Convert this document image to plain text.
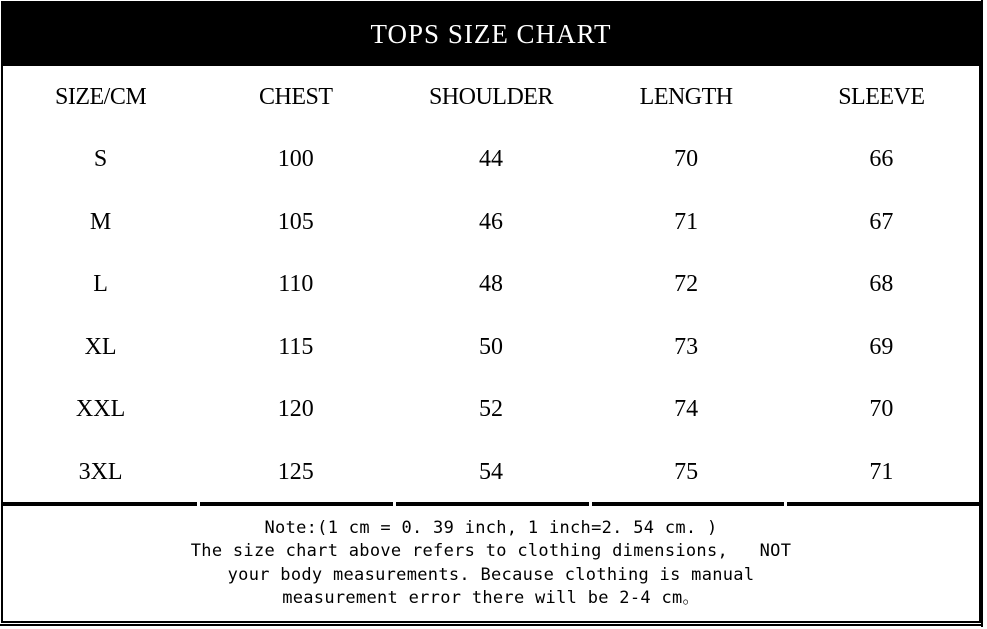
TOPS SIZE CHART
SIZE/CM	CHEST	SHOULDER	LENGTH	SLEEVE
S	100	44	70	66
M	105	46	71	67
L	110	48	72	68
XL	115	50	73	69
XXL	120	52	74	70
3XL	125	54	75	71
Note:(1 cm = 0. 39 inch, 1 inch=2. 54 cm. )
The size chart above refers to clothing dimensions,   NOT
your body measurements. Because clothing is manual
measurement error there will be 2-4 cm。
